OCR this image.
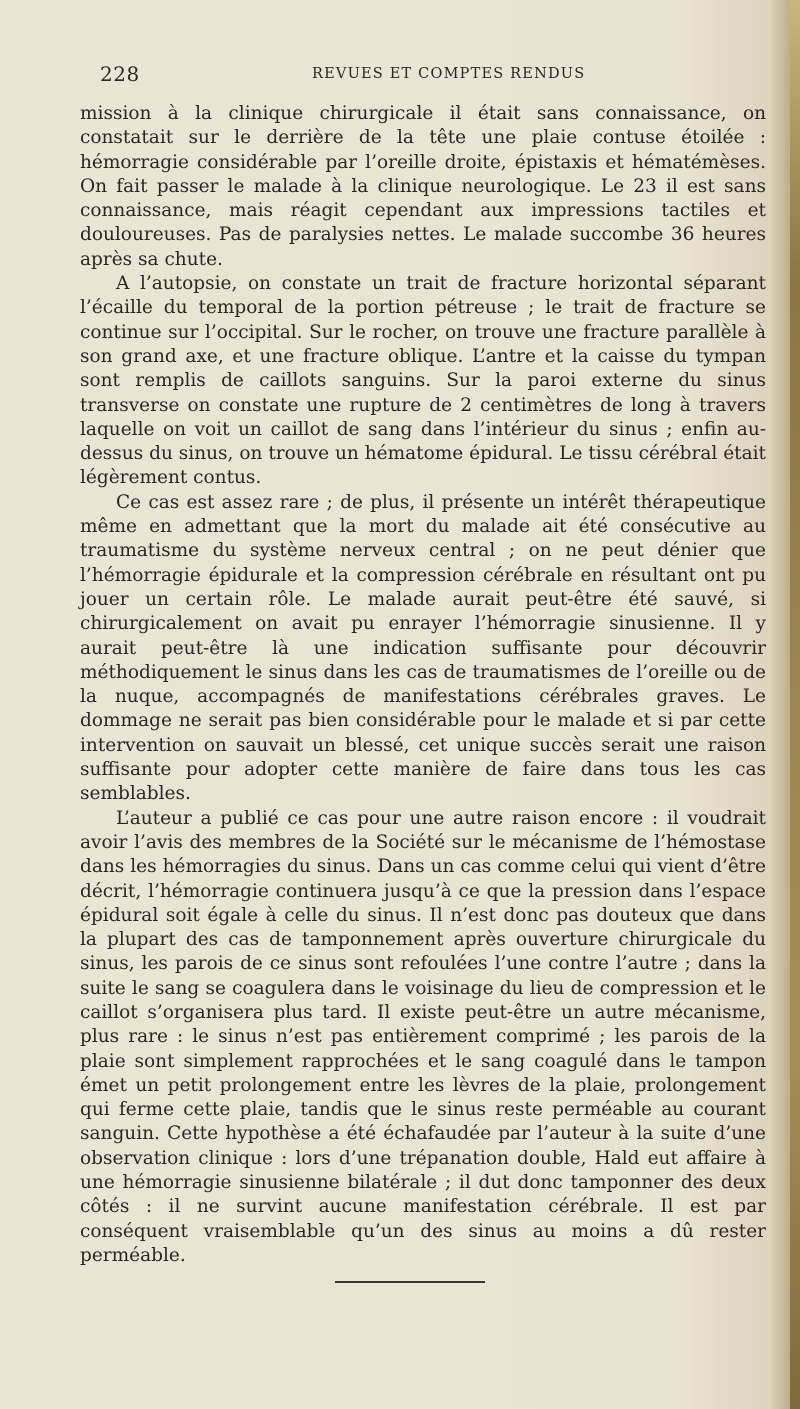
228	REVUES ET COMPTES RENDUS

mission à la clinique chirurgicale il était sans connaissance, on constatait sur le derrière de la tête une plaie contuse étoilée : hémorragie considérable par l’oreille droite, épistaxis et hématémèses. On fait passer le malade à la clinique neurologique. Le 23 il est sans connaissance, mais réagit cependant aux impressions tactiles et douloureuses. Pas de paralysies nettes. Le malade succombe 36 heures après sa chute.

A l’autopsie, on constate un trait de fracture horizontal séparant l’écaille du temporal de la portion pétreuse ; le trait de fracture se continue sur l’occipital. Sur le rocher, on trouve une fracture parallèle à son grand axe, et une fracture oblique. L’antre et la caisse du tympan sont remplis de caillots sanguins. Sur la paroi externe du sinus transverse on constate une rupture de 2 centimètres de long à travers laquelle on voit un caillot de sang dans l’intérieur du sinus ; enfin au-dessus du sinus, on trouve un hématome épidural. Le tissu cérébral était légèrement contus.

Ce cas est assez rare ; de plus, il présente un intérêt thérapeutique même en admettant que la mort du malade ait été consécutive au traumatisme du système nerveux central ; on ne peut dénier que l’hémorragie épidurale et la compression cérébrale en résultant ont pu jouer un certain rôle. Le malade aurait peut-être été sauvé, si chirurgicalement on avait pu enrayer l’hémorragie sinusienne. Il y aurait peut-être là une indication suffisante pour découvrir méthodiquement le sinus dans les cas de traumatismes de l’oreille ou de la nuque, accompagnés de manifestations cérébrales graves. Le dommage ne serait pas bien considérable pour le malade et si par cette intervention on sauvait un blessé, cet unique succès serait une raison suffisante pour adopter cette manière de faire dans tous les cas semblables.

L’auteur a publié ce cas pour une autre raison encore : il voudrait avoir l’avis des membres de la Société sur le mécanisme de l’hémostase dans les hémorragies du sinus. Dans un cas comme celui qui vient d’être décrit, l’hémorragie continuera jusqu’à ce que la pression dans l’espace épidural soit égale à celle du sinus. Il n’est donc pas douteux que dans la plupart des cas de tamponnement après ouverture chirurgicale du sinus, les parois de ce sinus sont refoulées l’une contre l’autre ; dans la suite le sang se coagulera dans le voisinage du lieu de compression et le caillot s’organisera plus tard. Il existe peut-être un autre mécanisme, plus rare : le sinus n’est pas entièrement comprimé ; les parois de la plaie sont simplement rapprochées et le sang coagulé dans le tampon émet un petit prolongement entre les lèvres de la plaie, prolongement qui ferme cette plaie, tandis que le sinus reste perméable au courant sanguin. Cette hypothèse a été échafaudée par l’auteur à la suite d’une observation clinique : lors d’une trépanation double, Hald eut affaire à une hémorragie sinusienne bilatérale ; il dut donc tamponner des deux côtés : il ne survint aucune manifestation cérébrale. Il est par conséquent vraisemblable qu’un des sinus au moins a dû rester perméable.
